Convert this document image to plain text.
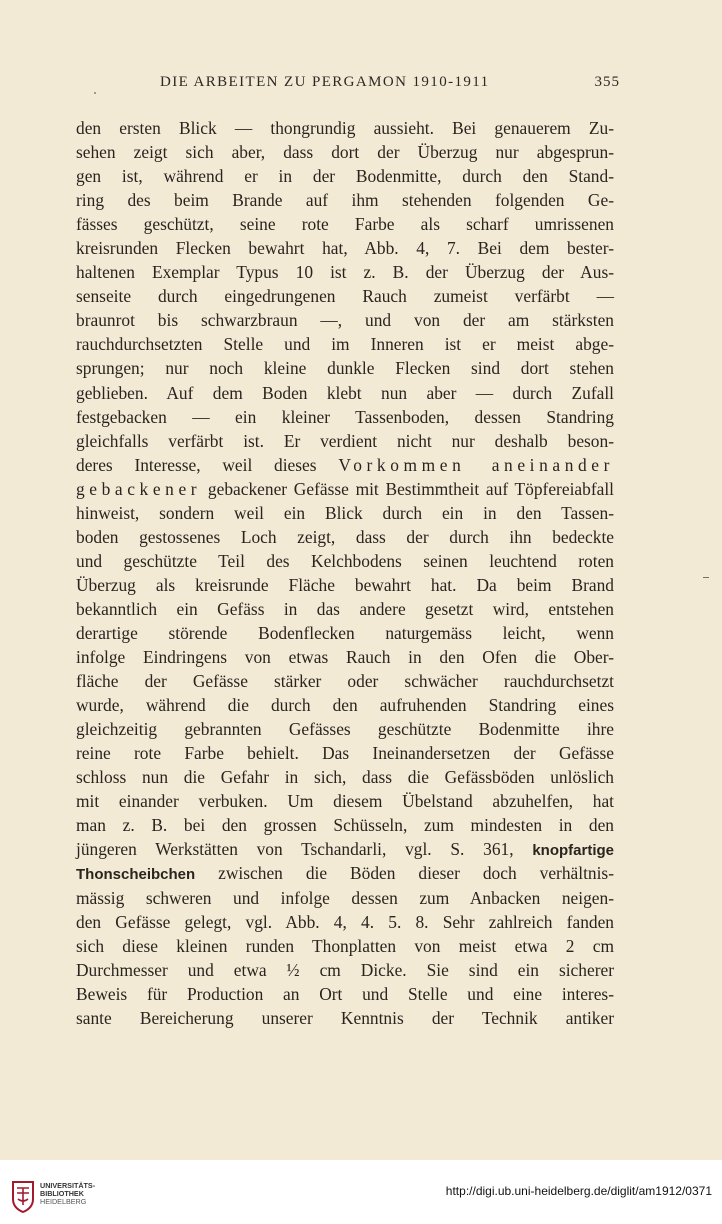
DIE ARBEITEN ZU PERGAMON 1910-1911	355
den ersten Blick — thongrundig aussieht. Bei genauerem Zu-
sehen zeigt sich aber, dass dort der Überzug nur abgesprun-
gen ist, während er in der Bodenmitte, durch den Stand-
ring des beim Brande auf ihm stehenden folgenden Ge-
fässes geschützt, seine rote Farbe als scharf umrissenen
kreisrunden Flecken bewahrt hat, Abb. 4, 7. Bei dem bester-
haltenen Exemplar Typus 10 ist z. B. der Überzug der Aus-
senseite durch eingedrungenen Rauch zumeist verfärbt —
braunrot bis schwarzbraun —, und von der am stärksten
rauchdurchsetzten Stelle und im Inneren ist er meist abge-
sprungen; nur noch kleine dunkle Flecken sind dort stehen
geblieben. Auf dem Boden klebt nun aber — durch Zufall
festgebacken — ein kleiner Tassenboden, dessen Standring
gleichfalls verfärbt ist. Er verdient nicht nur deshalb beson-
deres Interesse, weil dieses Vorkommen aneinander
gebackener gebackener Gefässe mit Bestimmtheit auf Töpfereiabfall
hinweist, sondern weil ein Blick durch ein in den Tassen-
boden gestossenes Loch zeigt, dass der durch ihn bedeckte
und geschützte Teil des Kelchbodens seinen leuchtend roten
Überzug als kreisrunde Fläche bewahrt hat. Da beim Brand
bekanntlich ein Gefäss in das andere gesetzt wird, entstehen
derartige störende Bodenflecken naturgemäss leicht, wenn
infolge Eindringens von etwas Rauch in den Ofen die Ober-
fläche der Gefässe stärker oder schwächer rauchdurchsetzt
wurde, während die durch den aufruhenden Standring eines
gleichzeitig gebrannten Gefässes geschützte Bodenmitte ihre
reine rote Farbe behielt. Das Ineinandersetzen der Gefässe
schloss nun die Gefahr in sich, dass die Gefässböden unlöslich
mit einander verbuken. Um diesem Übelstand abzuhelfen, hat
man z. B. bei den grossen Schüsseln, zum mindesten in den
jüngeren Werkstätten von Tschandarli, vgl. S. 361, knopfartige
Thonscheibchen zwischen die Böden dieser doch verhältnis-
mässig schweren und infolge dessen zum Anbacken neigen-
den Gefässe gelegt, vgl. Abb. 4, 4. 5. 8. Sehr zahlreich fanden
sich diese kleinen runden Thonplatten von meist etwa 2 cm
Durchmesser und etwa ½ cm Dicke. Sie sind ein sicherer
Beweis für Production an Ort und Stelle und eine interes-
sante Bereicherung unserer Kenntnis der Technik antiker
UNIVERSITÄTS-
BIBLIOTHEK
HEIDELBERG
http://digi.ub.uni-heidelberg.de/diglit/am1912/0371
